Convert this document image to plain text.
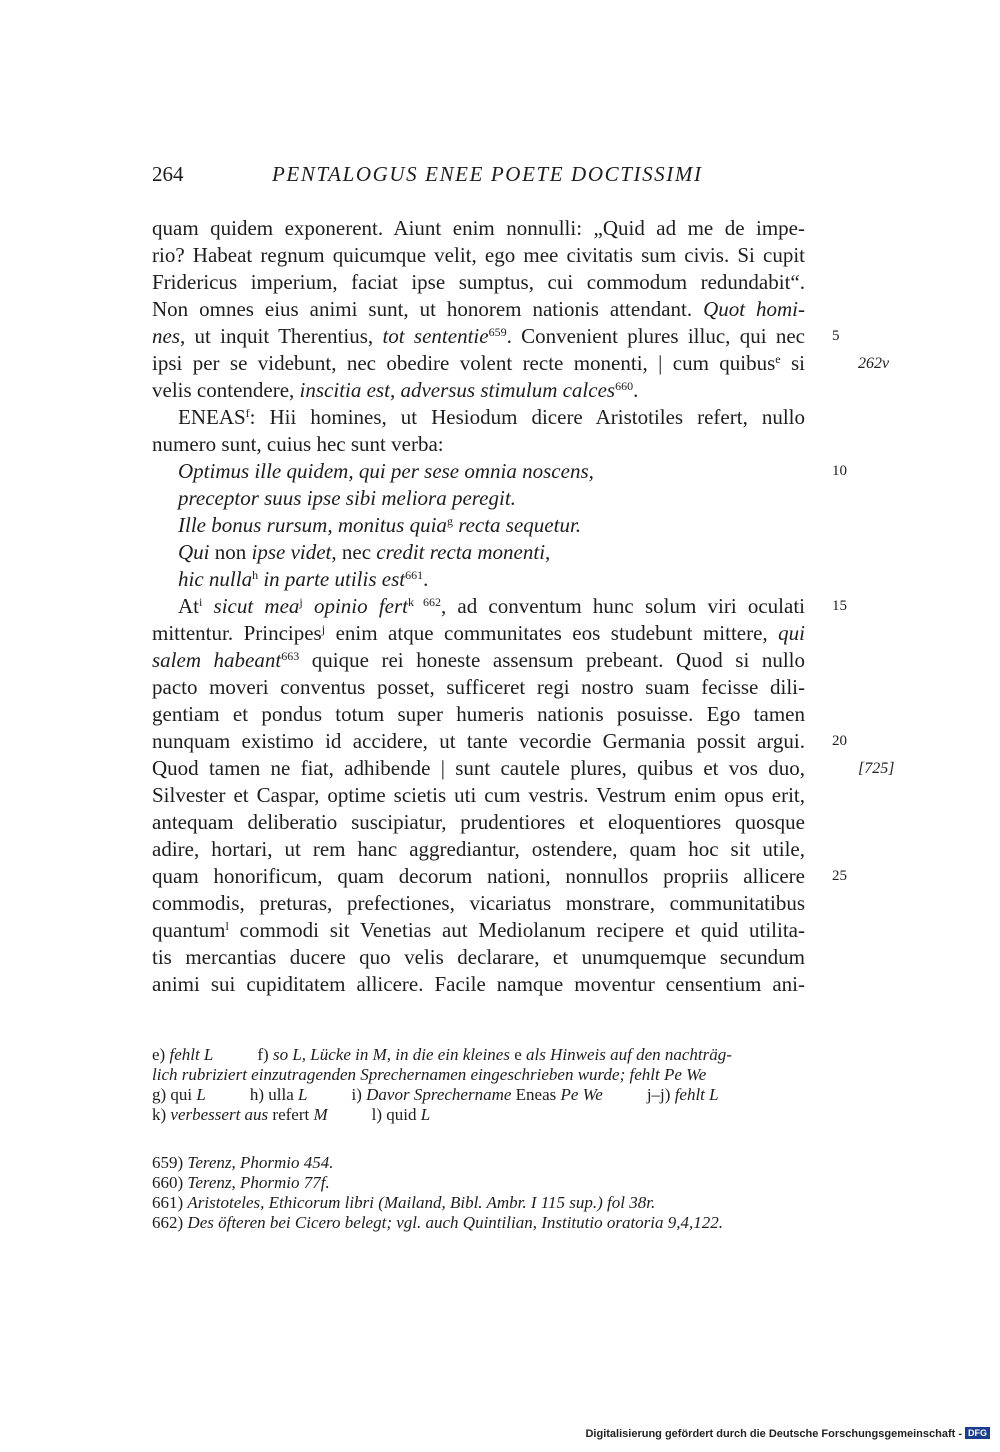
264	PENTALOGUS ENEE POETE DOCTISSIMI
quam quidem exponerent. Aiunt enim nonnulli: „Quid ad me de impe-
rio? Habeat regnum quicumque velit, ego mee civitatis sum civis. Si cupit
Fridericus imperium, faciat ipse sumptus, cui commodum redundabit“.
Non omnes eius animi sunt, ut honorem nationis attendant. Quot homi-
nes, ut inquit Therentius, tot sententie$^{659}$. Convenient plures illuc, qui nec
ipsi per se videbunt, nec obedire volent recte monenti, | cum quibus$^e$ si
velis contendere, inscitia est, adversus stimulum calces$^{660}$.
ENEAS$^f$: Hii homines, ut Hesiodum dicere Aristotiles refert, nullo
numero sunt, cuius hec sunt verba:
Optimus ille quidem, qui per sese omnia noscens,
preceptor suus ipse sibi meliora peregit.
Ille bonus rursum, monitus quia$^g$ recta sequetur.
Qui non ipse videt, nec credit recta monenti,
hic nulla$^h$ in parte utilis est$^{661}$.
At$^i$ sicut mea$^j$ opinio fert$^{k 662}$, ad conventum hunc solum viri oculati
mittentur. Principes$^j$ enim atque communitates eos studebunt mittere, qui
salem habeant$^{663}$ quique rei honeste assensum prebeant. Quod si nullo
pacto moveri conventus posset, sufficeret regi nostro suam fecisse dili-
gentiam et pondus totum super humeris nationis posuisse. Ego tamen
nunquam existimo id accidere, ut tante vecordie Germania possit argui.
Quod tamen ne fiat, adhibende | sunt cautele plures, quibus et vos duo,
Silvester et Caspar, optime scietis uti cum vestris. Vestrum enim opus erit,
antequam deliberatio suscipiatur, prudentiores et eloquentiores quosque
adire, hortari, ut rem hanc aggrediantur, ostendere, quam hoc sit utile,
quam honorificum, quam decorum nationi, nonnullos propriis allicere
commodis, preturas, prefectiones, vicariatus monstrare, communitatibus
quantum$^l$ commodi sit Venetias aut Mediolanum recipere et quid utilita-
tis mercantias ducere quo velis declarare, et unumquemque secundum
animi sui cupiditatem allicere. Facile namque moventur censentium ani-
5
10
15
20
25
262v
[725]
e) fehlt L	f) so L, Lücke in M, in die ein kleines e als Hinweis auf den nachträg-
lich rubriziert einzutragenden Sprechernamen eingeschrieben wurde; fehlt Pe We
g) qui L	h) ulla L	i) Davor Sprechername Eneas Pe We	j–j) fehlt L
k) verbessert aus refert M	l) quid L
659) Terenz, Phormio 454.
660) Terenz, Phormio 77f.
661) Aristoteles, Ethicorum libri (Mailand, Bibl. Ambr. I 115 sup.) fol 38r.
662) Des öfteren bei Cicero belegt; vgl. auch Quintilian, Institutio oratoria 9,4,122.
Digitalisierung gefördert durch die Deutsche Forschungsgemeinschaft - DFG
